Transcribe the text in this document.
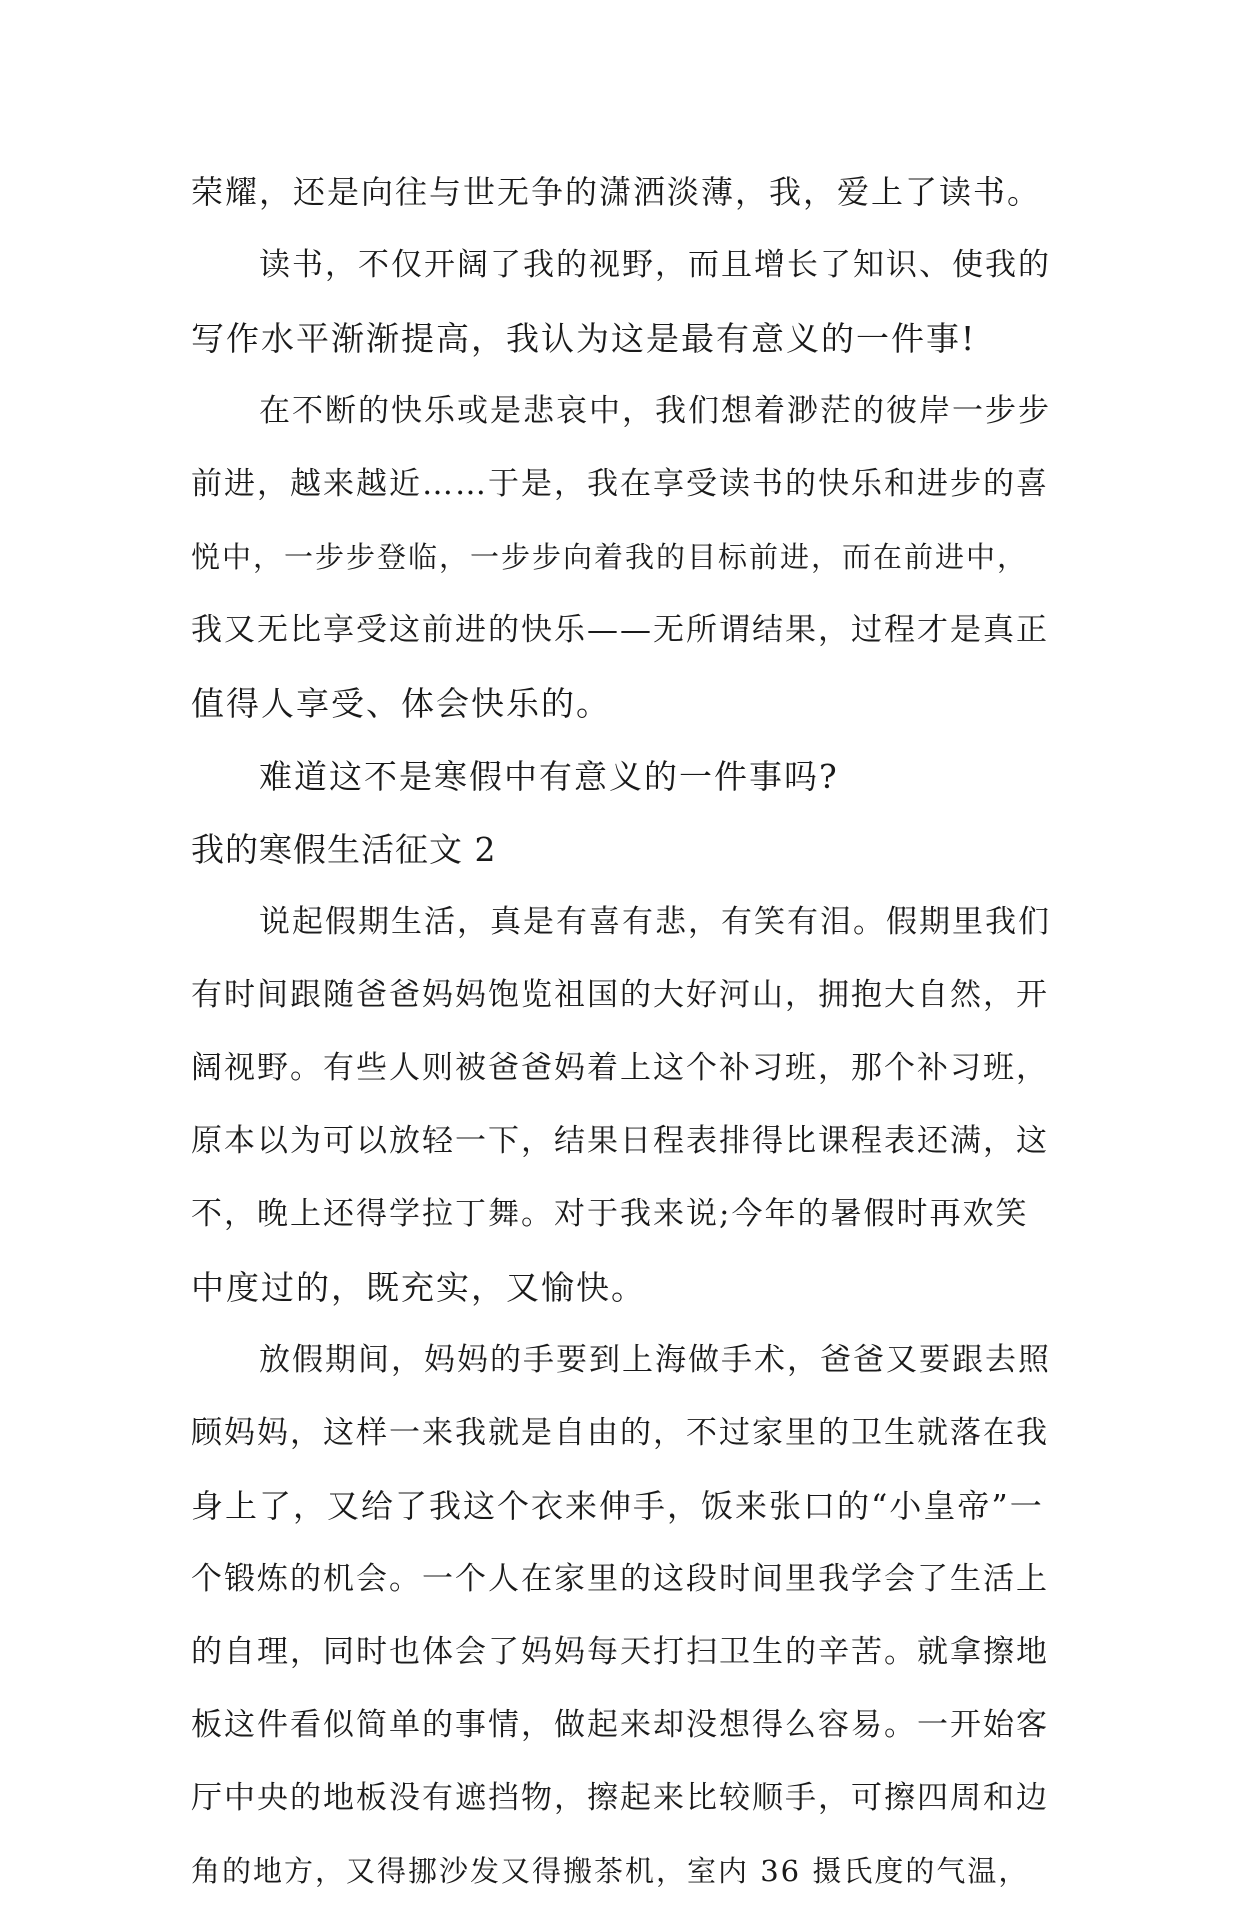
荣耀，还是向往与世无争的潇洒淡薄，我，爱上了读书。
读书，不仅开阔了我的视野，而且增长了知识、使我的
写作水平渐渐提高，我认为这是最有意义的一件事!
在不断的快乐或是悲哀中，我们想着渺茫的彼岸一步步
前进，越来越近……于是，我在享受读书的快乐和进步的喜
悦中，一步步登临，一步步向着我的目标前进，而在前进中，
我又无比享受这前进的快乐——无所谓结果，过程才是真正
值得人享受、体会快乐的。
难道这不是寒假中有意义的一件事吗?
我的寒假生活征文 2
说起假期生活，真是有喜有悲，有笑有泪。假期里我们
有时间跟随爸爸妈妈饱览祖国的大好河山，拥抱大自然，开
阔视野。有些人则被爸爸妈着上这个补习班，那个补习班，
原本以为可以放轻一下，结果日程表排得比课程表还满，这
不，晚上还得学拉丁舞。对于我来说;今年的暑假时再欢笑
中度过的，既充实，又愉快。
放假期间，妈妈的手要到上海做手术，爸爸又要跟去照
顾妈妈，这样一来我就是自由的，不过家里的卫生就落在我
身上了，又给了我这个衣来伸手，饭来张口的“小皇帝”一
个锻炼的机会。一个人在家里的这段时间里我学会了生活上
的自理，同时也体会了妈妈每天打扫卫生的辛苦。就拿擦地
板这件看似简单的事情，做起来却没想得么容易。一开始客
厅中央的地板没有遮挡物，擦起来比较顺手，可擦四周和边
角的地方，又得挪沙发又得搬茶机，室内 36 摄氏度的气温，
